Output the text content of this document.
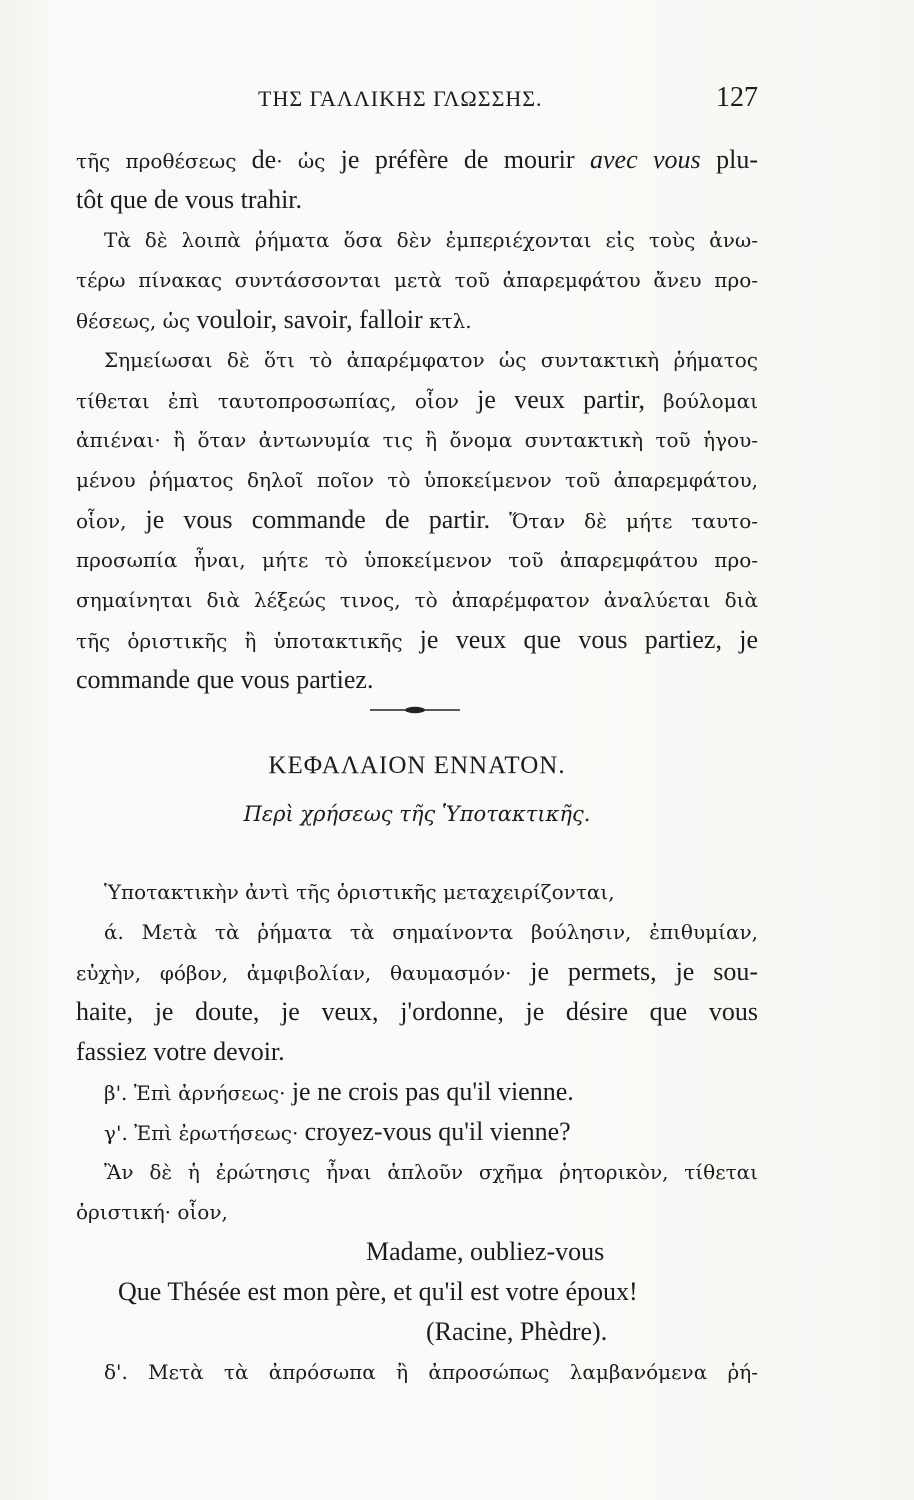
ΤΗΣ ΓΑΛΛΙΚΗΣ ΓΛΩΣΣΗΣ.	127
τῆς προθέσεως de· ὡς je préfère de mourir avec vous plu-
tôt que de vous trahir.
Τὰ δὲ λοιπὰ ῥήματα ὅσα δὲν ἐμπεριέχονται εἰς τοὺς ἀνω-
τέρω πίνακας συντάσσονται μετὰ τοῦ ἀπαρεμφάτου ἄνευ προ-
θέσεως, ὡς vouloir, savoir, falloir κτλ.
Σημείωσαι δὲ ὅτι τὸ ἀπαρέμφατον ὡς συντακτικὴ ῥήματος
τίθεται ἐπὶ ταυτοπροσωπίας, οἷον je veux partir, βούλομαι
ἀπιέναι· ἢ ὅταν ἀντωνυμία τις ἢ ὄνομα συντακτικὴ τοῦ ἡγου-
μένου ῥήματος δηλοῖ ποῖον τὸ ὑποκείμενον τοῦ ἀπαρεμφάτου,
οἷον, je vous commande de partir. Ὅταν δὲ μήτε ταυτο-
προσωπία ἦναι, μήτε τὸ ὑποκείμενον τοῦ ἀπαρεμφάτου προ-
σημαίνηται διὰ λέξεώς τινος, τὸ ἀπαρέμφατον ἀναλύεται διὰ
τῆς ὁριστικῆς ἢ ὑποτακτικῆς je veux que vous partiez, je
commande que vous partiez.
ΚΕΦΑΛΑΙΟΝ ΕΝΝΑΤΟΝ.
Περὶ χρήσεως τῆς Ὑποτακτικῆς.
Ὑποτακτικὴν ἀντὶ τῆς ὁριστικῆς μεταχειρίζονται,
ά. Μετὰ τὰ ῥήματα τὰ σημαίνοντα βούλησιν, ἐπιθυμίαν,
εὐχὴν, φόβον, ἀμφιβολίαν, θαυμασμόν· je permets, je sou-
haite, je doute, je veux, j'ordonne, je désire que vous
fassiez votre devoir.
β'. Ἐπὶ ἀρνήσεως· je ne crois pas qu'il vienne.
γ'. Ἐπὶ ἐρωτήσεως· croyez-vous qu'il vienne?
Ἂν δὲ ἡ ἐρώτησις ἦναι ἁπλοῦν σχῆμα ῥητορικὸν, τίθεται
ὁριστική· οἷον,
Madame, oubliez-vous
Que Thésée est mon père, et qu'il est votre époux!
(Racine, Phèdre).
δ'. Μετὰ τὰ ἀπρόσωπα ἢ ἀπροσώπως λαμβανόμενα ῥή-
